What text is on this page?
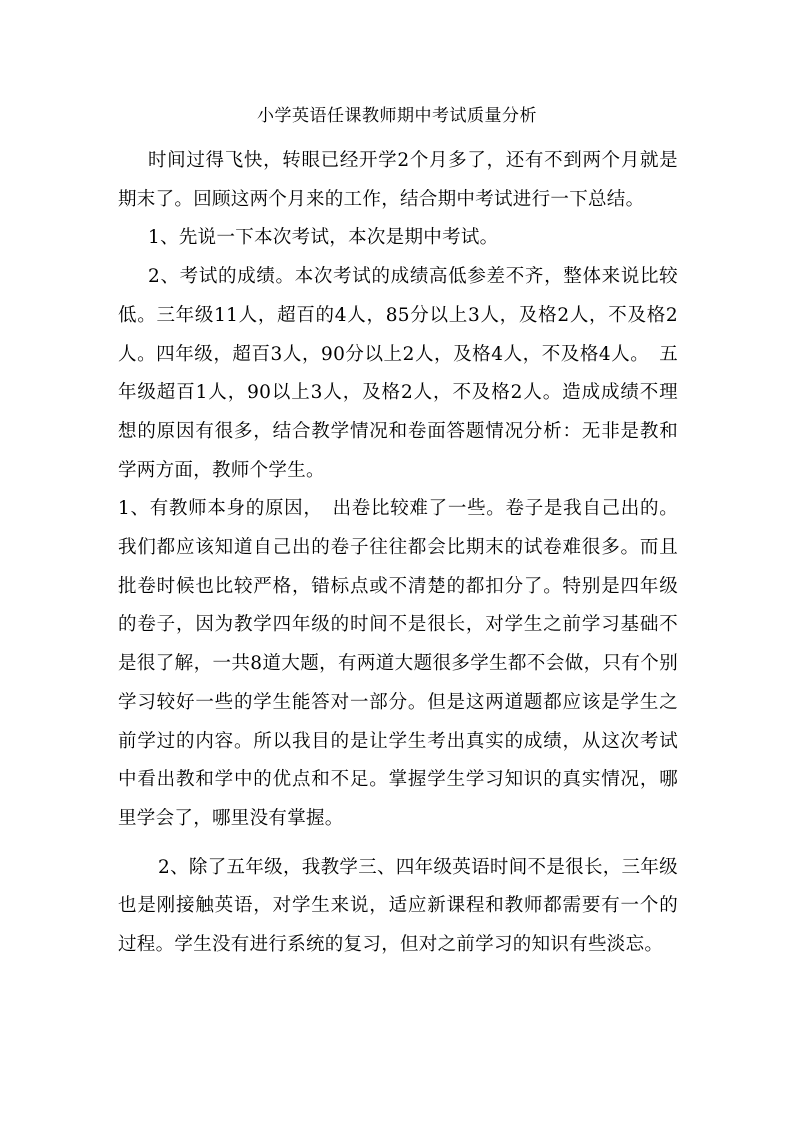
小学英语任课教师期中考试质量分析

时间过得飞快，转眼已经开学2个月多了，还有不到两个月就是期末了。回顾这两个月来的工作，结合期中考试进行一下总结。

1、先说一下本次考试，本次是期中考试。

2、考试的成绩。本次考试的成绩高低参差不齐，整体来说比较低。三年级11人，超百的4人，85分以上3人，及格2人，不及格2人。四年级，超百3人，90分以上2人，及格4人，不及格4人。　五年级超百1人，90以上3人，及格2人，不及格2人。造成成绩不理想的原因有很多，结合教学情况和卷面答题情况分析：无非是教和学两方面，教师个学生。

1、有教师本身的原因，　出卷比较难了一些。卷子是我自己出的。我们都应该知道自己出的卷子往往都会比期末的试卷难很多。而且批卷时候也比较严格，错标点或不清楚的都扣分了。特别是四年级的卷子，因为教学四年级的时间不是很长，对学生之前学习基础不是很了解，一共8道大题，有两道大题很多学生都不会做，只有个别学习较好一些的学生能答对一部分。但是这两道题都应该是学生之前学过的内容。所以我目的是让学生考出真实的成绩，从这次考试中看出教和学中的优点和不足。掌握学生学习知识的真实情况，哪里学会了，哪里没有掌握。

2、除了五年级，我教学三、四年级英语时间不是很长，三年级也是刚接触英语，对学生来说，适应新课程和教师都需要有一个的过程。学生没有进行系统的复习，但对之前学习的知识有些淡忘。
